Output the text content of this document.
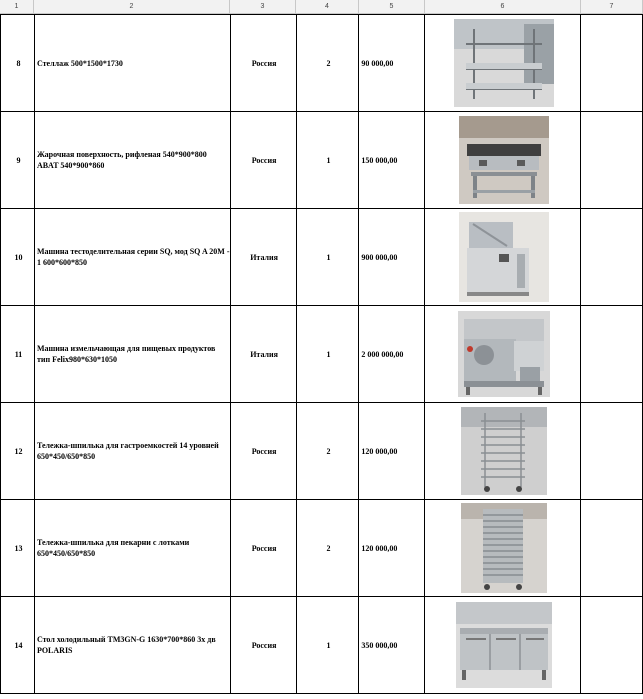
1	2	3	4	5	6	7
8	Стеллаж 500*1500*1730	Россия	2	90 000,00	

9	Жарочная поверхность, рифленая 540*900*800 ABAT 540*900*860	Россия	1	150 000,00	

10	Машина тестоделительная серии SQ, мод SQ A 20M - 1 600*600*850	Италия	1	900 000,00	

11	Машина измельчающая для пищевых продуктов тип Felix980*630*1050	Италия	1	2 000 000,00	

12	Тележка-шпилька для гастроемкостей 14 уровней 650*450/650*850	Россия	2	120 000,00	

13	Тележка-шпилька для пекарни с лотками 650*450/650*850	Россия	2	120 000,00	

14	Стол холодильный TM3GN-G 1630*700*860 3х дв POLARIS	Россия	1	350 000,00	
